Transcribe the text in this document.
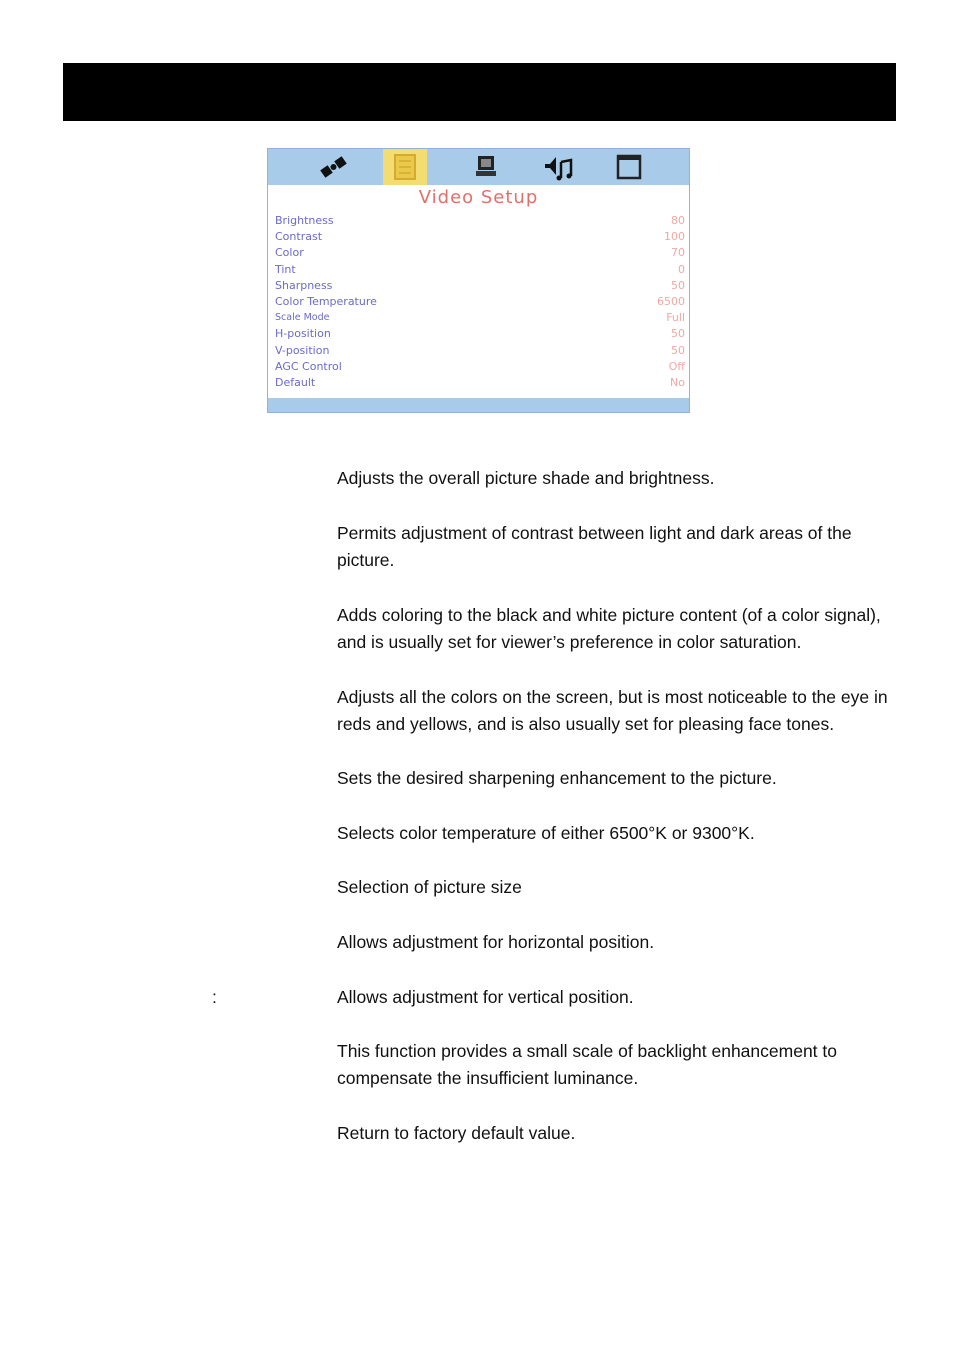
Video Setup
Brightness	80
Contrast	100
Color	70
Tint	0
Sharpness	50
Color Temperature	6500
Scale Mode	Full
H-position	50
V-position	50
AGC Control	Off
Default	No

Adjusts the overall picture shade and brightness.

Permits adjustment of contrast between light and dark areas of the picture.

Adds coloring to the black and white picture content (of a color signal), and is usually set for viewer’s preference in color saturation.

Adjusts all the colors on the screen, but is most noticeable to the eye in reds and yellows, and is also usually set for pleasing face tones.

Sets the desired sharpening enhancement to the picture.

Selects color temperature of either 6500°K or 9300°K.

Selection of picture size

Allows adjustment for horizontal position.

:	Allows adjustment for vertical position.

This function provides a small scale of backlight enhancement to compensate the insufficient luminance.

Return to factory default value.
